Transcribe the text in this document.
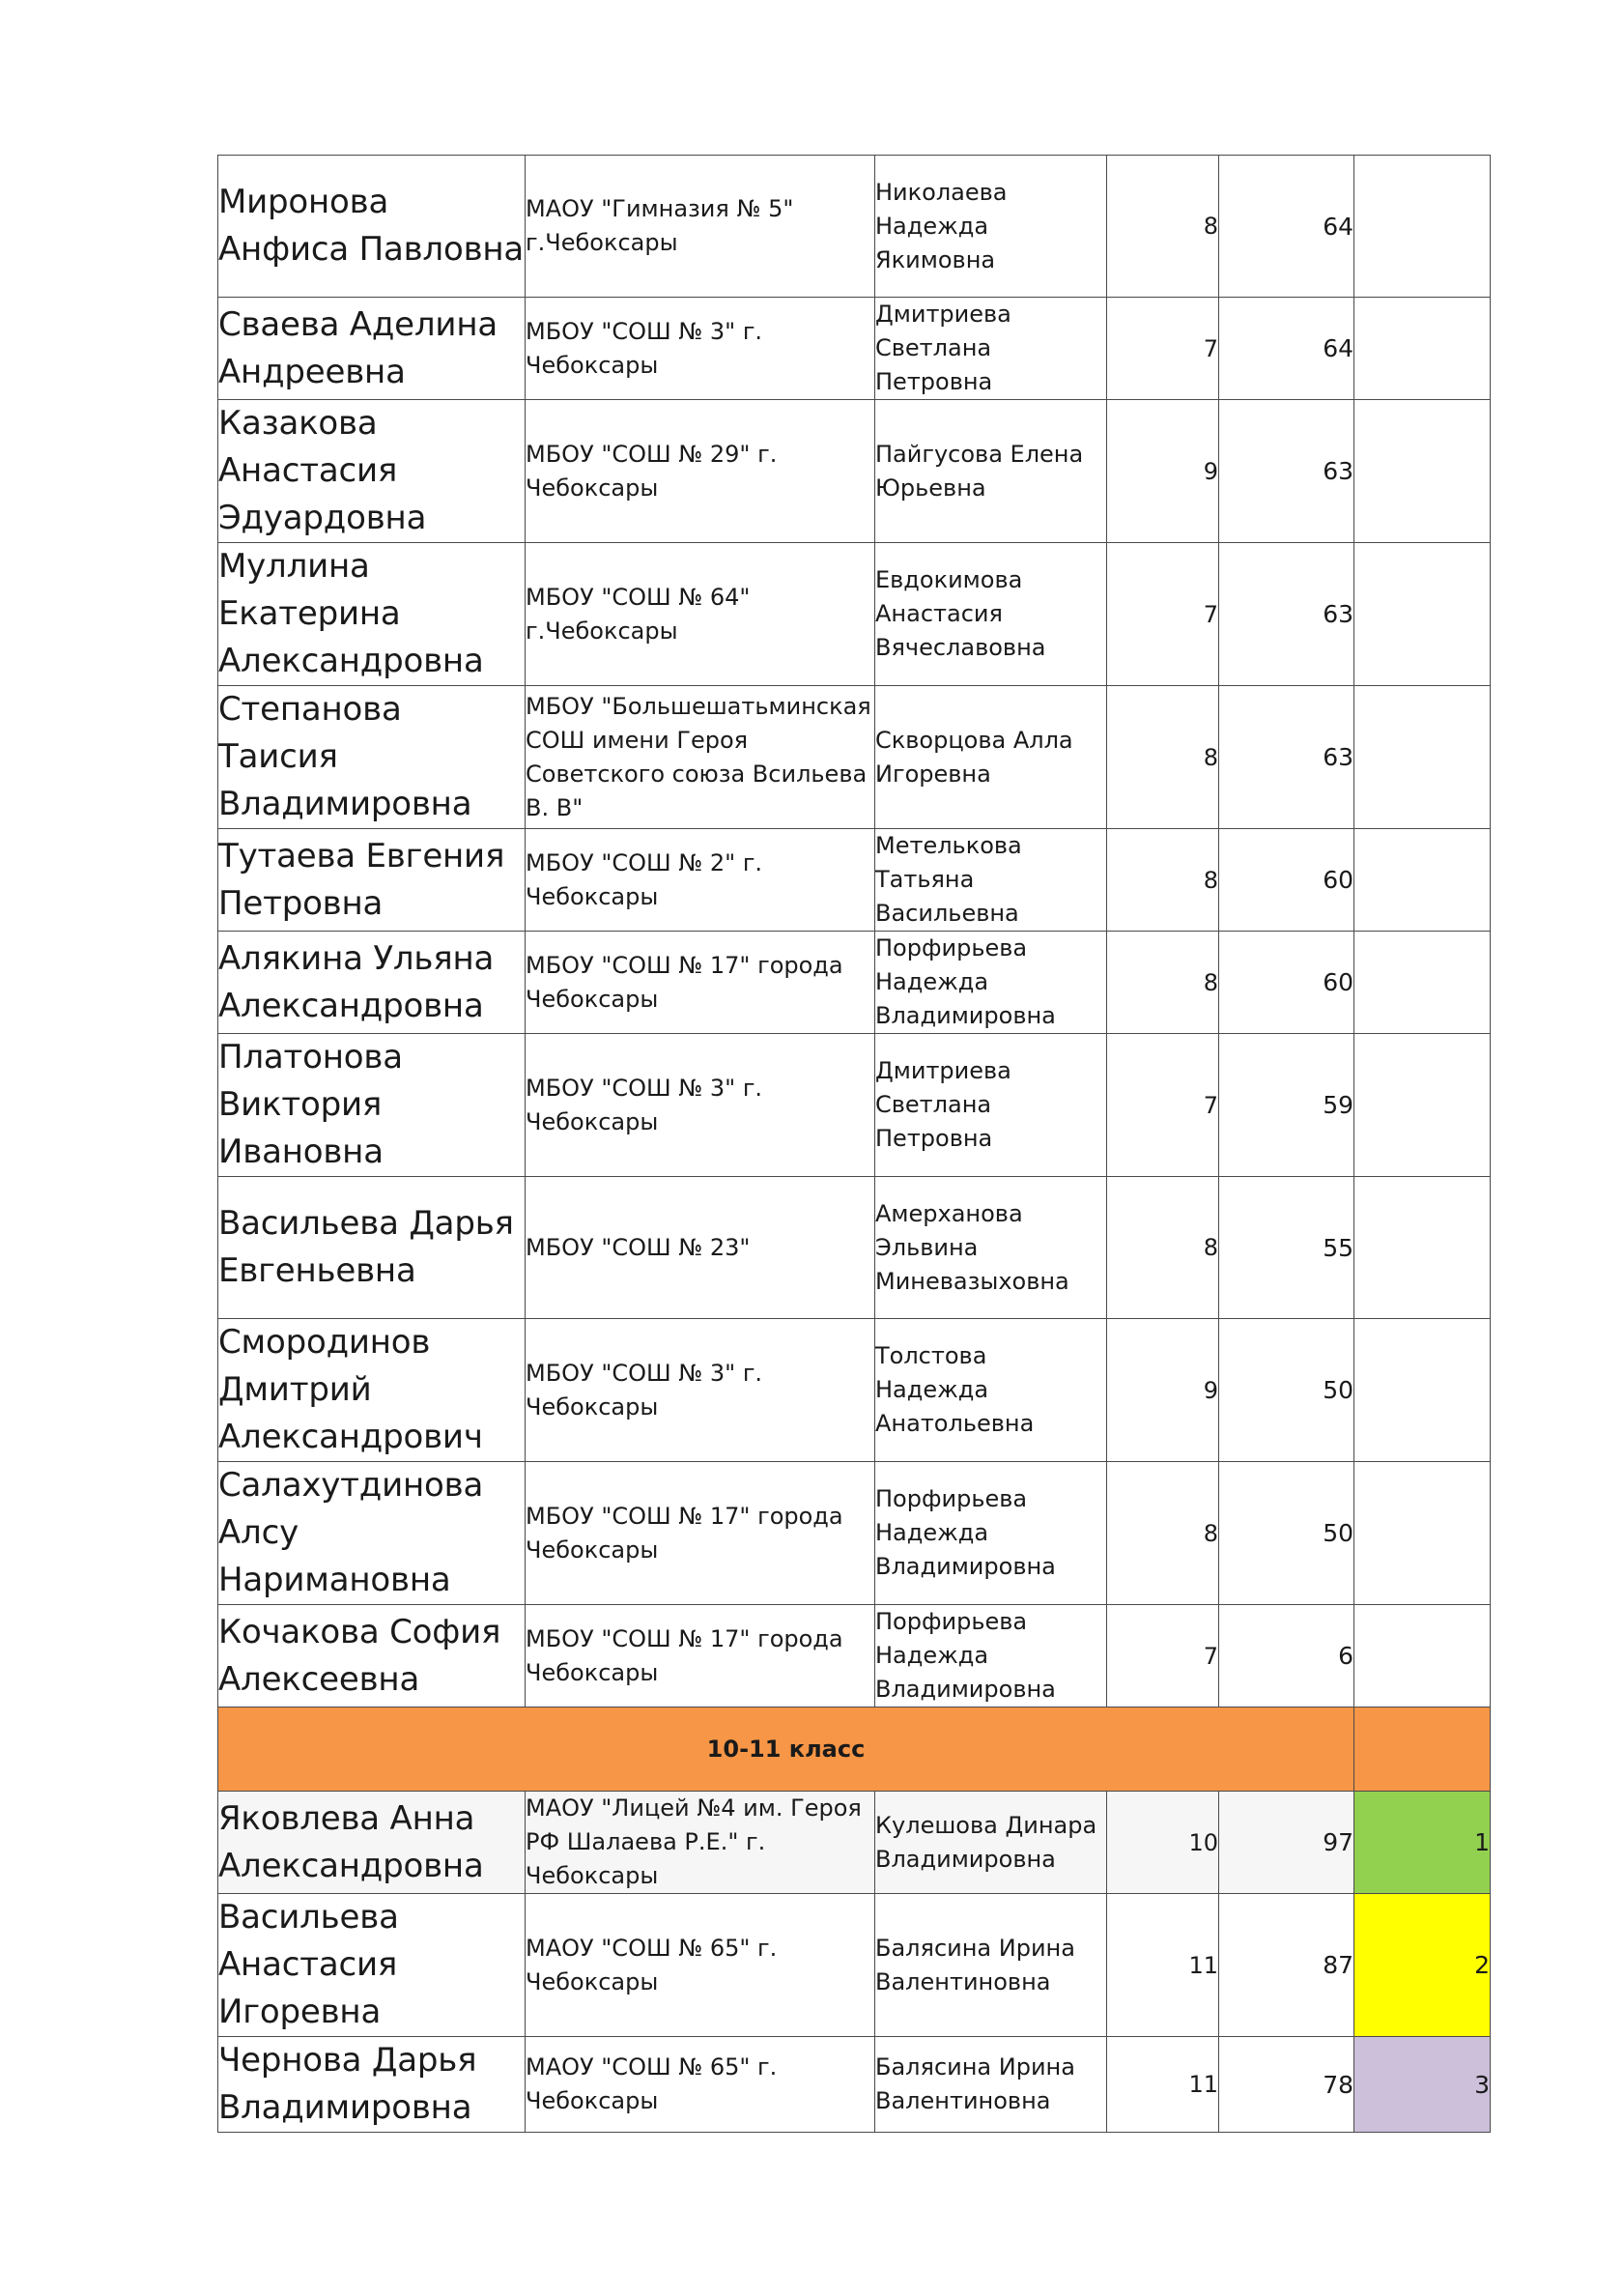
Миронова Анфиса Павловна	МАОУ "Гимназия № 5" г.Чебоксары	Николаева Надежда Якимовна	8	64	
Сваева Аделина Андреевна	МБОУ "СОШ № 3" г. Чебоксары	Дмитриева Светлана Петровна	7	64	
Казакова Анастасия Эдуардовна	МБОУ "СОШ № 29" г. Чебоксары	Пайгусова Елена Юрьевна	9	63	
Муллина Екатерина Александровна	МБОУ "СОШ № 64" г.Чебоксары	Евдокимова Анастасия Вячеславовна	7	63	
Степанова Таисия Владимировна	МБОУ "Большешатьминская СОШ имени Героя Советского союза Всильева В. В"	Скворцова Алла Игоревна	8	63	
Тутаева Евгения Петровна	МБОУ "СОШ № 2" г. Чебоксары	Метелькова Татьяна Васильевна	8	60	
Алякина Ульяна Александровна	МБОУ "СОШ № 17" города Чебоксары	Порфирьева Надежда Владимировна	8	60	
Платонова Виктория Ивановна	МБОУ "СОШ № 3" г. Чебоксары	Дмитриева Светлана Петровна	7	59	
Васильева Дарья Евгеньевна	МБОУ "СОШ № 23"	Амерханова Эльвина Миневазыховна	8	55	
Смородинов Дмитрий Александрович	МБОУ "СОШ № 3" г. Чебоксары	Толстова Надежда Анатольевна	9	50	
Салахутдинова Алсу Наримановна	МБОУ "СОШ № 17" города Чебоксары	Порфирьева Надежда Владимировна	8	50	
Кочакова София Алексеевна	МБОУ "СОШ № 17" города Чебоксары	Порфирьева Надежда Владимировна	7	6	
10-11 класс					
Яковлева Анна Александровна	МАОУ "Лицей №4 им. Героя РФ Шалаева Р.Е." г. Чебоксары	Кулешова Динара Владимировна	10	97	1
Васильева Анастасия Игоревна	МАОУ "СОШ № 65" г. Чебоксары	Балясина Ирина Валентиновна	11	87	2
Чернова Дарья Владимировна	МАОУ "СОШ № 65" г. Чебоксары	Балясина Ирина Валентиновна	11	78	3
